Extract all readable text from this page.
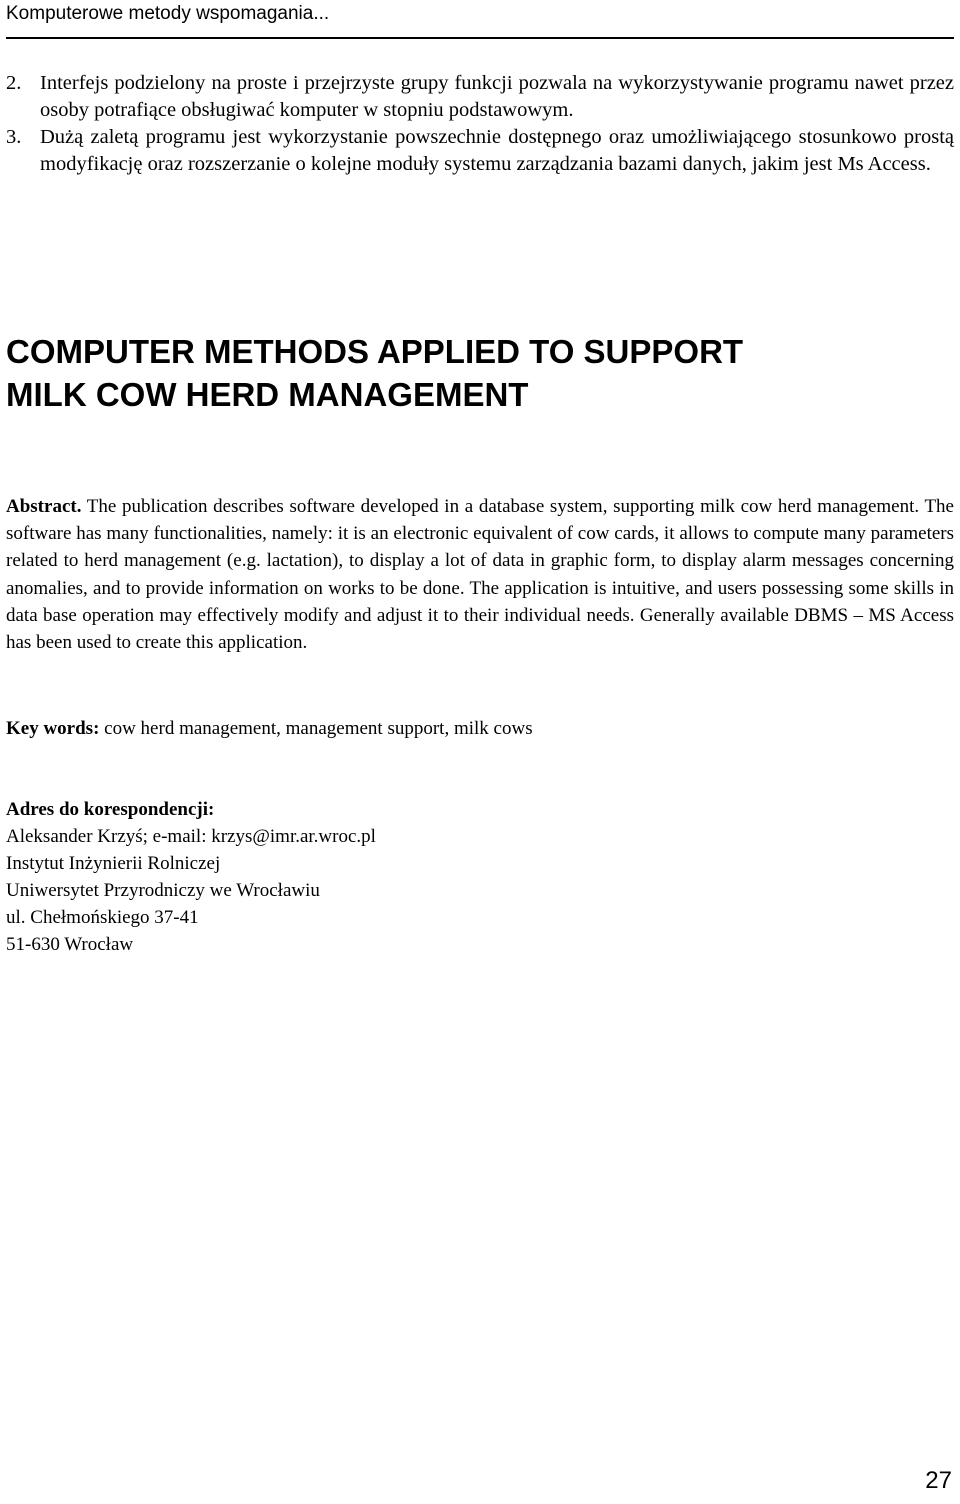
Komputerowe metody wspomagania...
2. Interfejs podzielony na proste i przejrzyste grupy funkcji pozwala na wykorzystywanie programu nawet przez osoby potrafiące obsługiwać komputer w stopniu podstawowym.
3. Dużą zaletą programu jest wykorzystanie powszechnie dostępnego oraz umożliwiającego stosunkowo prostą modyfikację oraz rozszerzanie o kolejne moduły systemu zarządzania bazami danych, jakim jest Ms Access.
COMPUTER METHODS APPLIED TO SUPPORT
MILK COW HERD MANAGEMENT

Abstract. The publication describes software developed in a database system, supporting milk cow herd management. The software has many functionalities, namely: it is an electronic equivalent of cow cards, it allows to compute many parameters related to herd management (e.g. lactation), to display a lot of data in graphic form, to display alarm messages concerning anomalies, and to provide information on works to be done. The application is intuitive, and users possessing some skills in data base operation may effectively modify and adjust it to their individual needs. Generally available DBMS – MS Access has been used to create this application.

Key words: cow herd management, management support, milk cows

Adres do korespondencji:
Aleksander Krzyś; e-mail: krzys@imr.ar.wroc.pl
Instytut Inżynierii Rolniczej
Uniwersytet Przyrodniczy we Wrocławiu
ul. Chełmońskiego 37-41
51-630 Wrocław
27
